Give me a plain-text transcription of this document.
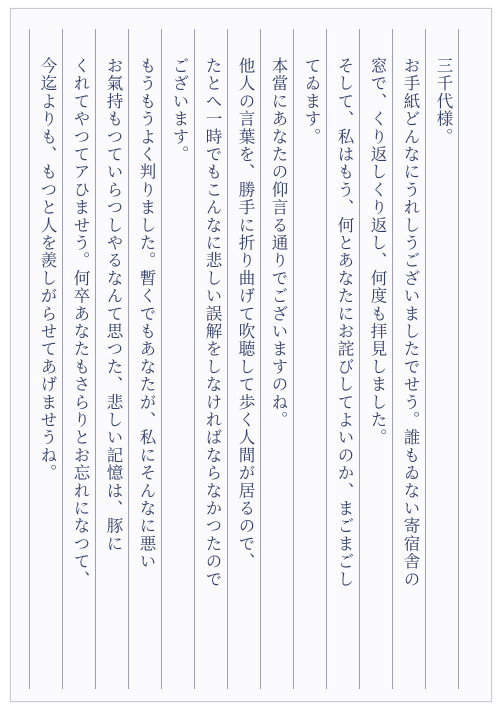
三千代様。
お手紙どんなにうれしうございましたでせう。誰もゐない寄宿舎の
窓で、くり返しくり返し、何度も拝見しました。
そして、私はもう、何とあなたにお詫びしてよいのか、まごまごし
てゐます。
本當にあなたの仰言る通りでございますのね。
他人の言葉を、勝手に折り曲げて吹聴して歩く人間が居るので、
たとへ一時でもこんなに悲しい誤解をしなければならなかつたので
ございます。
もうもうよく判りました。暫くでもあなたが、私にそんなに悪い
お氣持もつていらつしやるなんて思つた、悲しい記憶は、豚に
くれてやつてアひませう。何卒あなたもさらりとお忘れになつて、
今迄よりも、もつと人を羨しがらせてあげませうね。
